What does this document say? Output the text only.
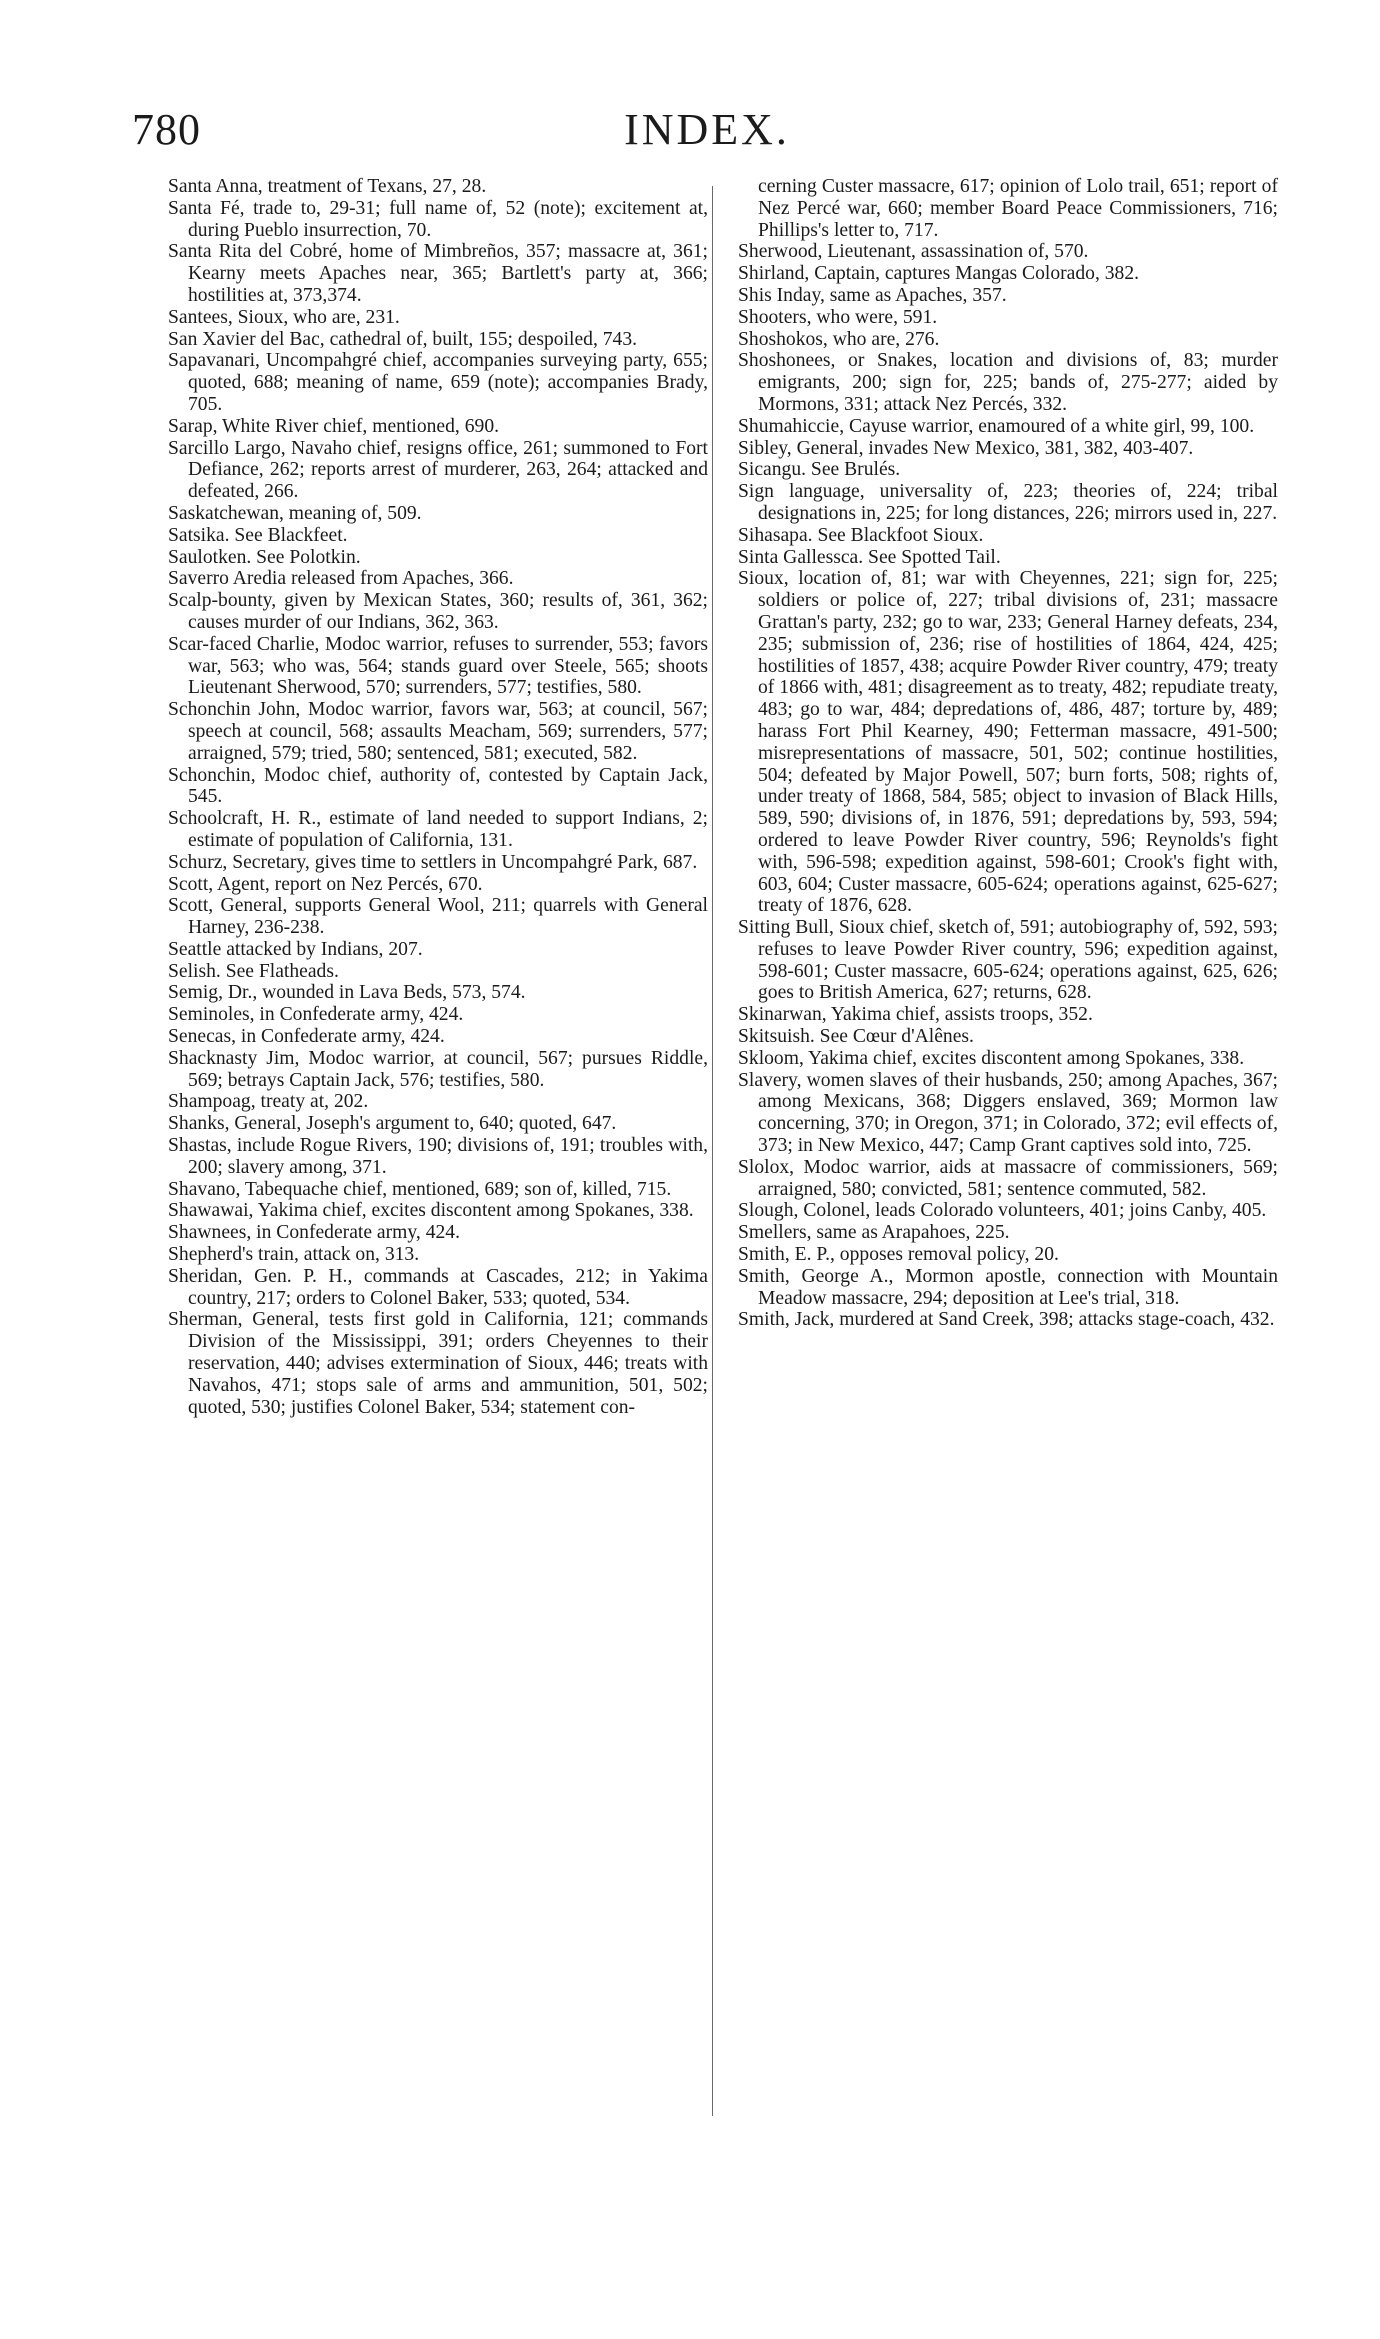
780	INDEX.

Santa Anna, treatment of Texans, 27, 28.

Santa Fé, trade to, 29-31; full name of, 52 (note); excitement at, during Pueblo insurrection, 70.

Santa Rita del Cobré, home of Mimbreños, 357; massacre at, 361; Kearny meets Apaches near, 365; Bartlett's party at, 366; hostilities at, 373,374.

Santees, Sioux, who are, 231.

San Xavier del Bac, cathedral of, built, 155; despoiled, 743.

Sapavanari, Uncompahgré chief, accompanies surveying party, 655; quoted, 688; meaning of name, 659 (note); accompanies Brady, 705.

Sarap, White River chief, mentioned, 690.

Sarcillo Largo, Navaho chief, resigns office, 261; summoned to Fort Defiance, 262; reports arrest of murderer, 263, 264; attacked and defeated, 266.

Saskatchewan, meaning of, 509.

Satsika. See Blackfeet.

Saulotken. See Polotkin.

Saverro Aredia released from Apaches, 366.

Scalp-bounty, given by Mexican States, 360; results of, 361, 362; causes murder of our Indians, 362, 363.

Scar-faced Charlie, Modoc warrior, refuses to surrender, 553; favors war, 563; who was, 564; stands guard over Steele, 565; shoots Lieutenant Sherwood, 570; surrenders, 577; testifies, 580.

Schonchin John, Modoc warrior, favors war, 563; at council, 567; speech at council, 568; assaults Meacham, 569; surrenders, 577; arraigned, 579; tried, 580; sentenced, 581; executed, 582.

Schonchin, Modoc chief, authority of, contested by Captain Jack, 545.

Schoolcraft, H. R., estimate of land needed to support Indians, 2; estimate of population of California, 131.

Schurz, Secretary, gives time to settlers in Uncompahgré Park, 687.

Scott, Agent, report on Nez Percés, 670.

Scott, General, supports General Wool, 211; quarrels with General Harney, 236-238.

Seattle attacked by Indians, 207.

Selish. See Flatheads.

Semig, Dr., wounded in Lava Beds, 573, 574.

Seminoles, in Confederate army, 424.

Senecas, in Confederate army, 424.

Shacknasty Jim, Modoc warrior, at council, 567; pursues Riddle, 569; betrays Captain Jack, 576; testifies, 580.

Shampoag, treaty at, 202.

Shanks, General, Joseph's argument to, 640; quoted, 647.

Shastas, include Rogue Rivers, 190; divisions of, 191; troubles with, 200; slavery among, 371.

Shavano, Tabequache chief, mentioned, 689; son of, killed, 715.

Shawawai, Yakima chief, excites discontent among Spokanes, 338.

Shawnees, in Confederate army, 424.

Shepherd's train, attack on, 313.

Sheridan, Gen. P. H., commands at Cascades, 212; in Yakima country, 217; orders to Colonel Baker, 533; quoted, 534.

Sherman, General, tests first gold in California, 121; commands Division of the Mississippi, 391; orders Cheyennes to their reservation, 440; advises extermination of Sioux, 446; treats with Navahos, 471; stops sale of arms and ammunition, 501, 502; quoted, 530; justifies Colonel Baker, 534; statement con-

cerning Custer massacre, 617; opinion of Lolo trail, 651; report of Nez Percé war, 660; member Board Peace Commissioners, 716; Phillips's letter to, 717.

Sherwood, Lieutenant, assassination of, 570.

Shirland, Captain, captures Mangas Colorado, 382.

Shis Inday, same as Apaches, 357.

Shooters, who were, 591.

Shoshokos, who are, 276.

Shoshonees, or Snakes, location and divisions of, 83; murder emigrants, 200; sign for, 225; bands of, 275-277; aided by Mormons, 331; attack Nez Percés, 332.

Shumahiccie, Cayuse warrior, enamoured of a white girl, 99, 100.

Sibley, General, invades New Mexico, 381, 382, 403-407.

Sicangu. See Brulés.

Sign language, universality of, 223; theories of, 224; tribal designations in, 225; for long distances, 226; mirrors used in, 227.

Sihasapa. See Blackfoot Sioux.

Sinta Gallessca. See Spotted Tail.

Sioux, location of, 81; war with Cheyennes, 221; sign for, 225; soldiers or police of, 227; tribal divisions of, 231; massacre Grattan's party, 232; go to war, 233; General Harney defeats, 234, 235; submission of, 236; rise of hostilities of 1864, 424, 425; hostilities of 1857, 438; acquire Powder River country, 479; treaty of 1866 with, 481; disagreement as to treaty, 482; repudiate treaty, 483; go to war, 484; depredations of, 486, 487; torture by, 489; harass Fort Phil Kearney, 490; Fetterman massacre, 491-500; misrepresentations of massacre, 501, 502; continue hostilities, 504; defeated by Major Powell, 507; burn forts, 508; rights of, under treaty of 1868, 584, 585; object to invasion of Black Hills, 589, 590; divisions of, in 1876, 591; depredations by, 593, 594; ordered to leave Powder River country, 596; Reynolds's fight with, 596-598; expedition against, 598-601; Crook's fight with, 603, 604; Custer massacre, 605-624; operations against, 625-627; treaty of 1876, 628.

Sitting Bull, Sioux chief, sketch of, 591; autobiography of, 592, 593; refuses to leave Powder River country, 596; expedition against, 598-601; Custer massacre, 605-624; operations against, 625, 626; goes to British America, 627; returns, 628.

Skinarwan, Yakima chief, assists troops, 352.

Skitsuish. See Cœur d'Alênes.

Skloom, Yakima chief, excites discontent among Spokanes, 338.

Slavery, women slaves of their husbands, 250; among Apaches, 367; among Mexicans, 368; Diggers enslaved, 369; Mormon law concerning, 370; in Oregon, 371; in Colorado, 372; evil effects of, 373; in New Mexico, 447; Camp Grant captives sold into, 725.

Slolox, Modoc warrior, aids at massacre of commissioners, 569; arraigned, 580; convicted, 581; sentence commuted, 582.

Slough, Colonel, leads Colorado volunteers, 401; joins Canby, 405.

Smellers, same as Arapahoes, 225.

Smith, E. P., opposes removal policy, 20.

Smith, George A., Mormon apostle, connection with Mountain Meadow massacre, 294; deposition at Lee's trial, 318.

Smith, Jack, murdered at Sand Creek, 398; attacks stage-coach, 432.
